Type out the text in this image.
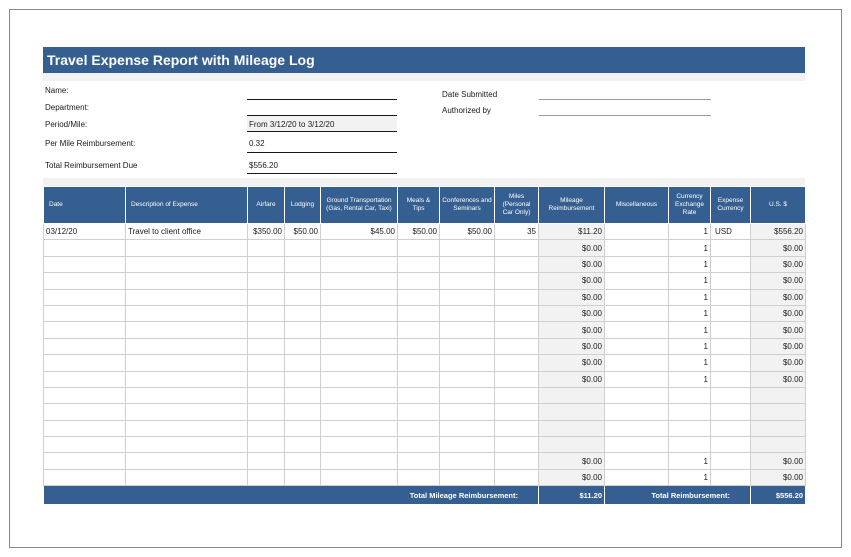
Travel Expense Report with Mileage Log
Name:
Department:
Period/Mile:	From 3/12/20 to 3/12/20
Per Mile Reimbursement:	0.32
Total Reimbursement Due	$556.20
Date Submitted
Authorized by
Date	Description of Expense	Airfare	Lodging	Ground Transportation (Gas, Rental Car, Taxi)	Meals & Tips	Conferences and Seminars	Miles (Personal Car Only)	Mileage Reimbursement	Miscellaneous	Currency Exchange Rate	Expense Currency	U.S. $
03/12/20	Travel to client office	$350.00	$50.00	$45.00	$50.00	$50.00	35	$11.20		1	USD	$556.20
								$0.00		1		$0.00
								$0.00		1		$0.00
								$0.00		1		$0.00
								$0.00		1		$0.00
								$0.00		1		$0.00
								$0.00		1		$0.00
								$0.00		1		$0.00
								$0.00		1		$0.00
								$0.00		1		$0.00

								$0.00		1		$0.00
								$0.00		1		$0.00
Total Mileage Reimbursement:								$11.20	Total Reimbursement:			$556.20
